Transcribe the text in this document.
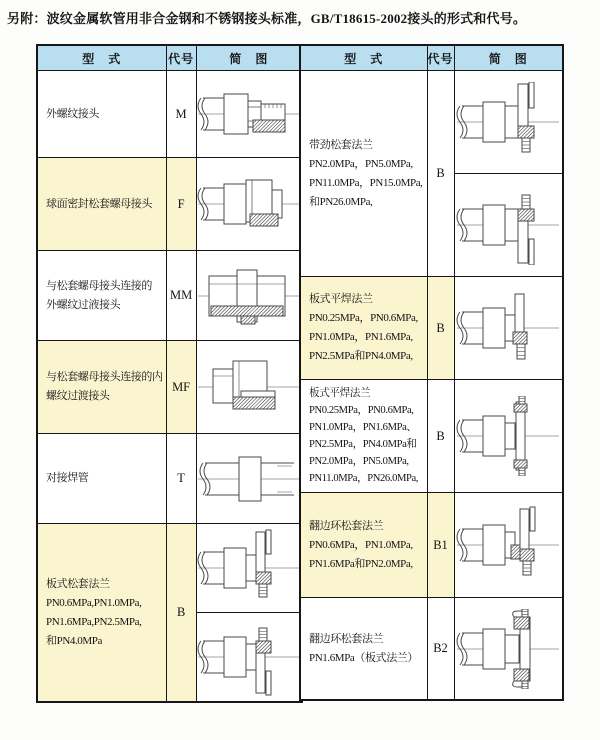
另附：波纹金属软管用非合金钢和不锈钢接头标准，GB/T18615-2002接头的形式和代号。
型　式	代号	简　图

外螺纹接头	M	

球面密封松套螺母接头	F	

与松套螺母接头连接的
外螺纹过液接头	MM	

与松套螺母接头连接的内
螺纹过渡接头	MF	

对接焊管	T	

板式松套法兰
PN0.6MPa,PN1.0MPa,
PN1.6MPa,PN2.5MPa,
和PN4.0MPa	B	
型　式	代号	简　图

带劲松套法兰
PN2.0MPa，PN5.0MPa,
PN11.0MPa，PN15.0MPa,
和PN26.0MPa,	B	

板式平焊法兰
PN0.25MPa，PN0.6MPa,
PN1.0MPa，PN1.6MPa,
PN2.5MPa和PN4.0MPa,	B	

板式平焊法兰
PN0.25MPa，PN0.6MPa,
PN1.0MPa，PN1.6MPa、
PN2.5MPa，PN4.0MPa和
PN2.0MPa，PN5.0MPa,
PN11.0MPa，PN26.0MPa,
	B	

翻边环松套法兰
PN0.6MPa，PN1.0MPa,
PN1.6MPa和PN2.0MPa,	B1	

翻边环松套法兰
PN1.6MPa（板式法兰）	B2	
